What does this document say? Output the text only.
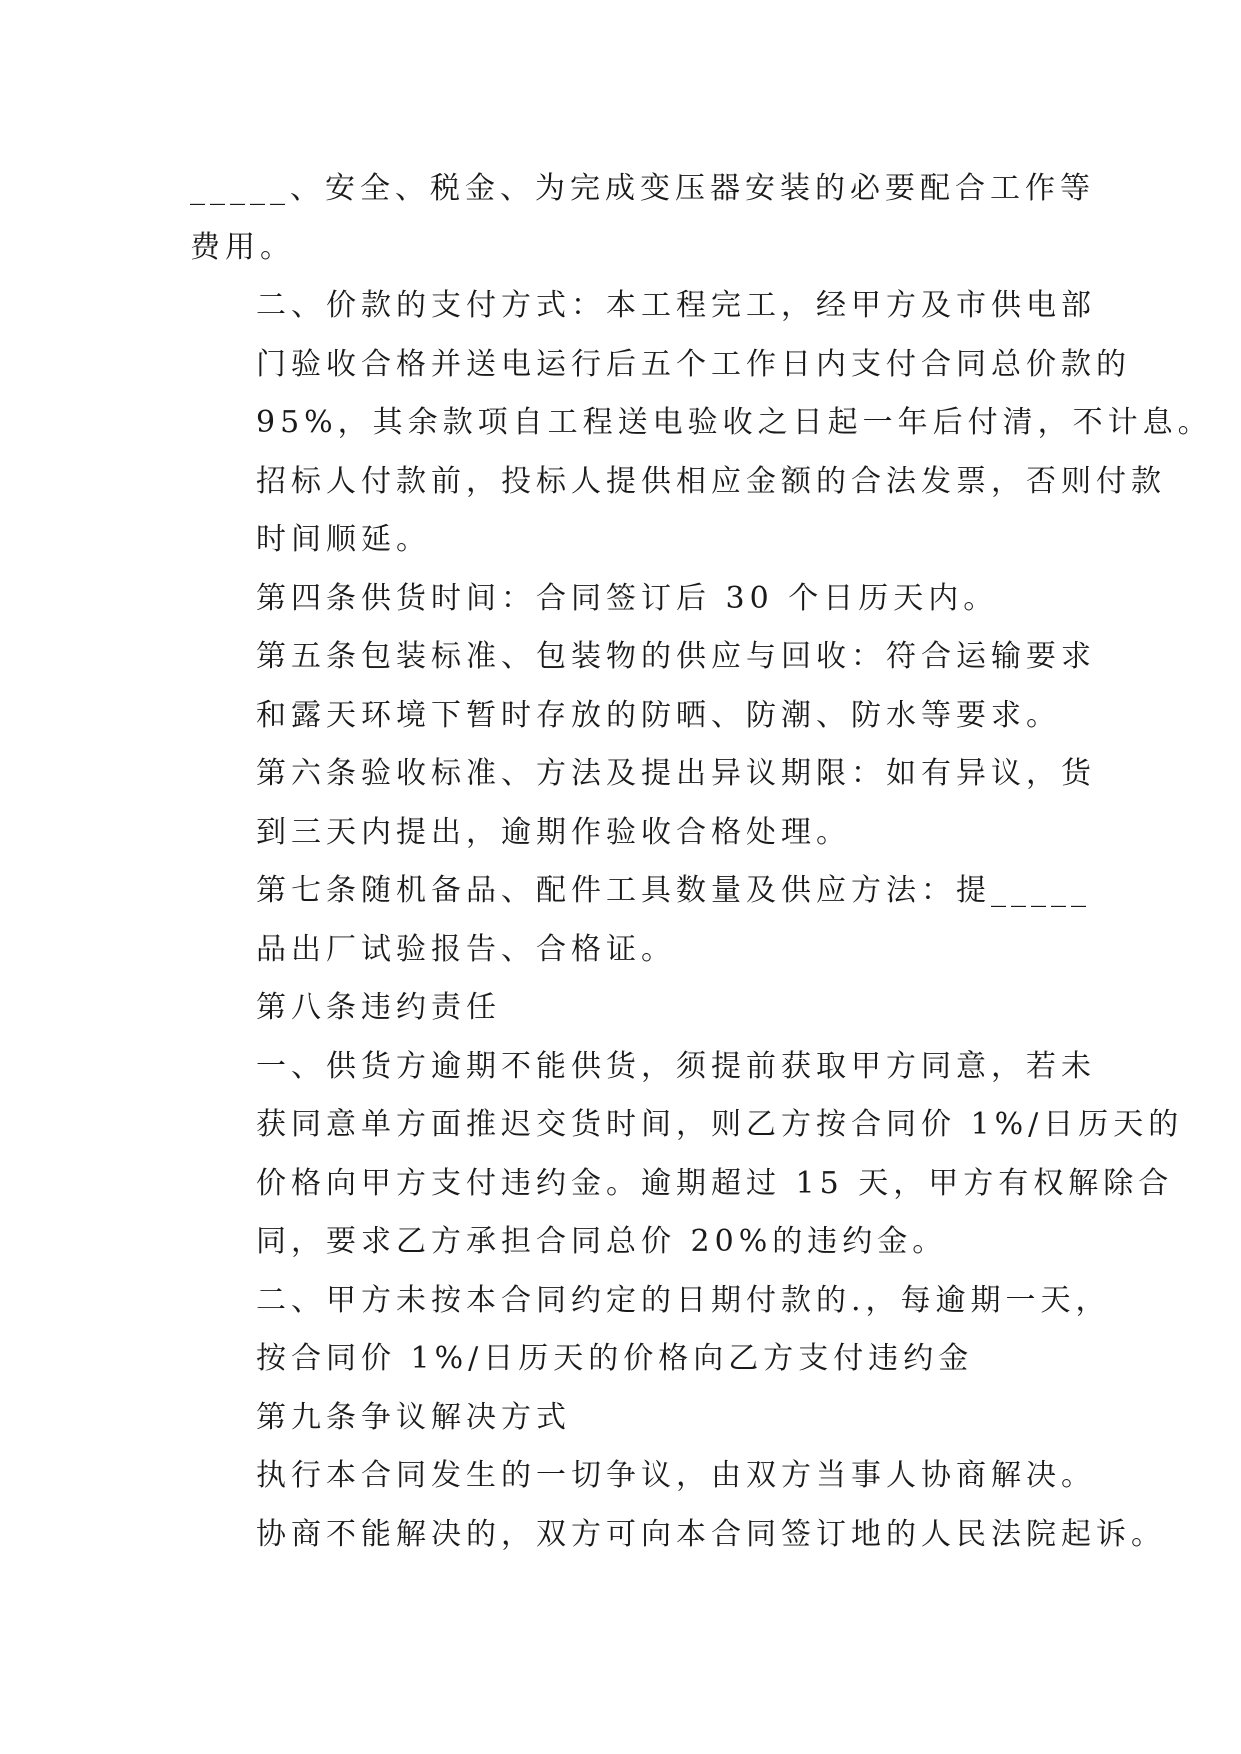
_____、安全、税金、为完成变压器安装的必要配合工作等
费用。
二、价款的支付方式：本工程完工，经甲方及市供电部
门验收合格并送电运行后五个工作日内支付合同总价款的
95%，其余款项自工程送电验收之日起一年后付清，不计息。
招标人付款前，投标人提供相应金额的合法发票，否则付款
时间顺延。
第四条供货时间：合同签订后 30 个日历天内。
第五条包装标准、包装物的供应与回收：符合运输要求
和露天环境下暂时存放的防晒、防潮、防水等要求。
第六条验收标准、方法及提出异议期限：如有异议，货
到三天内提出，逾期作验收合格处理。
第七条随机备品、配件工具数量及供应方法：提_____
品出厂试验报告、合格证。
第八条违约责任
一、供货方逾期不能供货，须提前获取甲方同意，若未
获同意单方面推迟交货时间，则乙方按合同价 1%/日历天的
价格向甲方支付违约金。逾期超过 15 天，甲方有权解除合
同，要求乙方承担合同总价 20%的违约金。
二、甲方未按本合同约定的日期付款的.，每逾期一天，
按合同价 1%/日历天的价格向乙方支付违约金
第九条争议解决方式
执行本合同发生的一切争议，由双方当事人协商解决。
协商不能解决的，双方可向本合同签订地的人民法院起诉。
